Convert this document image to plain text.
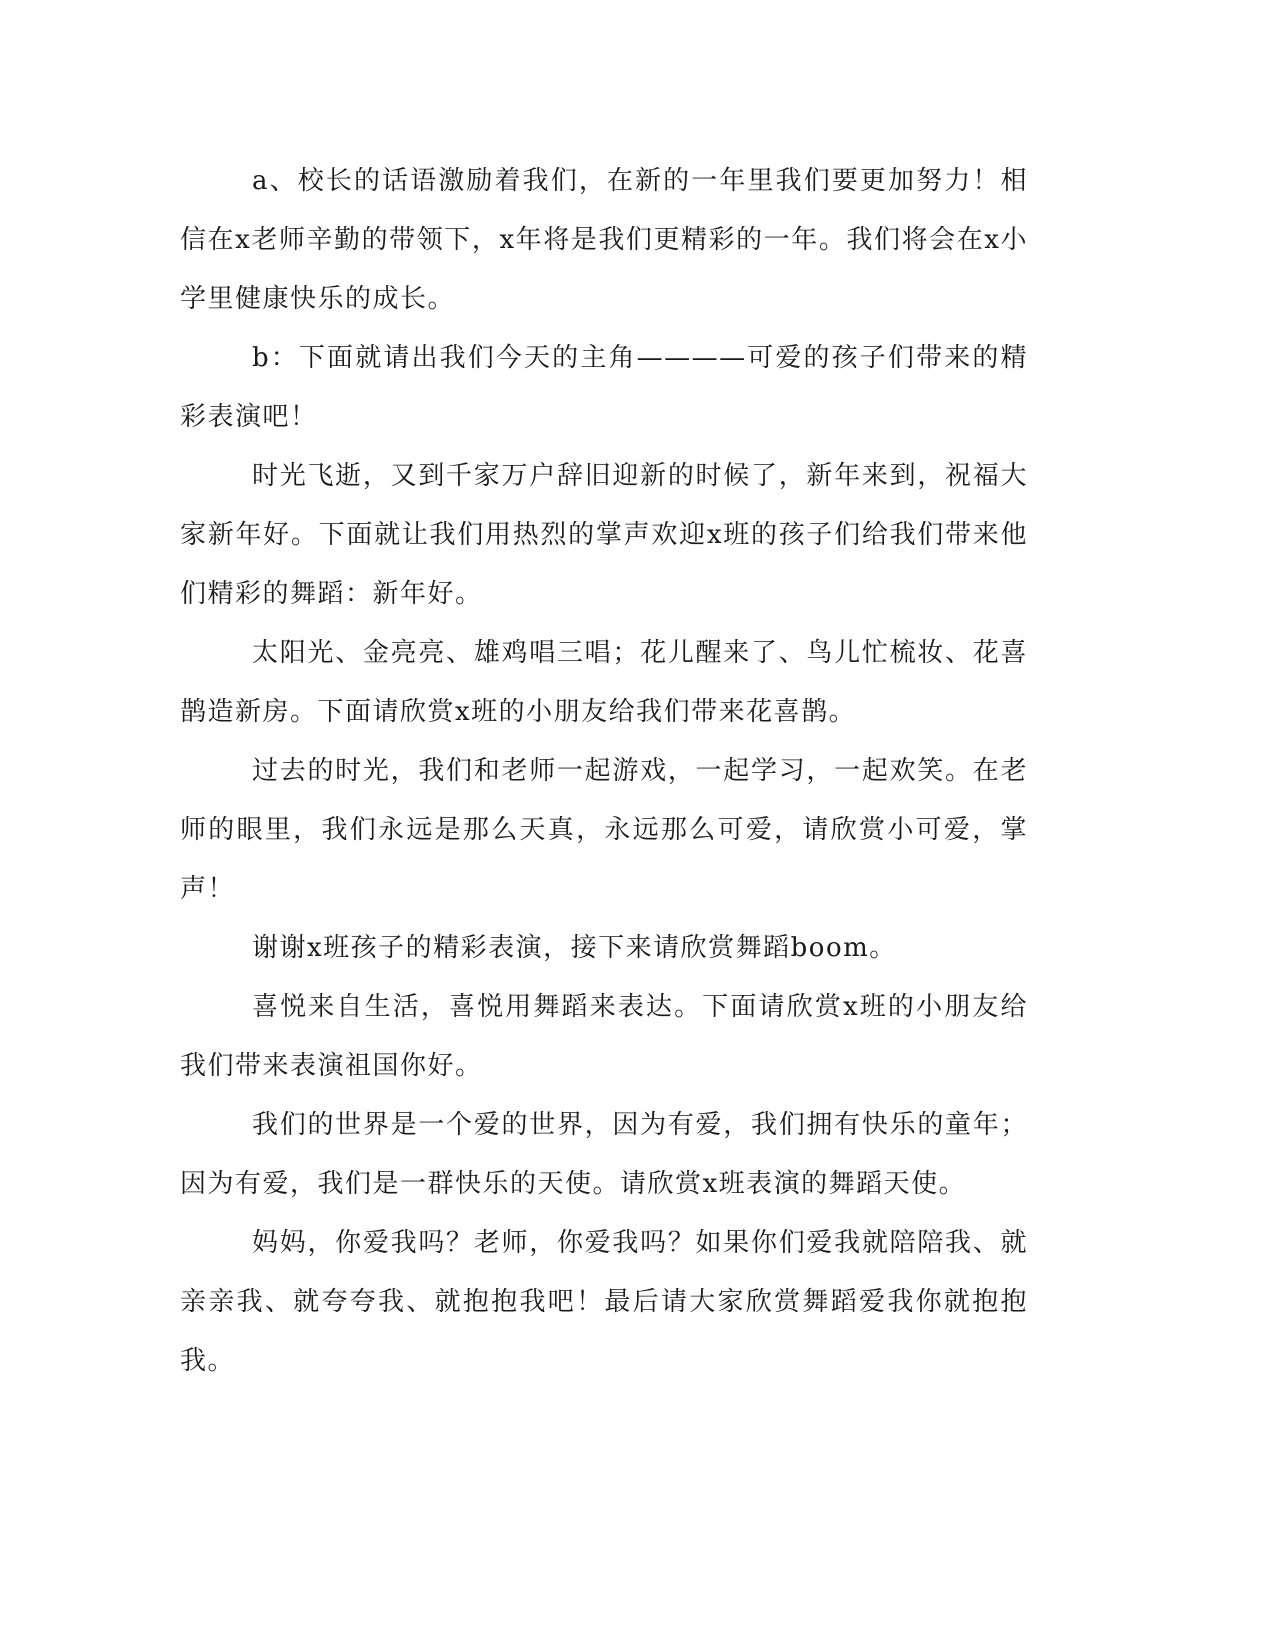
a、校长的话语激励着我们，在新的一年里我们要更加努力！相信在x老师辛勤的带领下，x年将是我们更精彩的一年。我们将会在x小学里健康快乐的成长。

b：下面就请出我们今天的主角————可爱的孩子们带来的精彩表演吧！

时光飞逝，又到千家万户辞旧迎新的时候了，新年来到，祝福大家新年好。下面就让我们用热烈的掌声欢迎x班的孩子们给我们带来他们精彩的舞蹈：新年好。

太阳光、金亮亮、雄鸡唱三唱；花儿醒来了、鸟儿忙梳妆、花喜鹊造新房。下面请欣赏x班的小朋友给我们带来花喜鹊。

过去的时光，我们和老师一起游戏，一起学习，一起欢笑。在老师的眼里，我们永远是那么天真，永远那么可爱，请欣赏小可爱，掌声！

谢谢x班孩子的精彩表演，接下来请欣赏舞蹈boom。

喜悦来自生活，喜悦用舞蹈来表达。下面请欣赏x班的小朋友给我们带来表演祖国你好。

我们的世界是一个爱的世界，因为有爱，我们拥有快乐的童年；因为有爱，我们是一群快乐的天使。请欣赏x班表演的舞蹈天使。

妈妈，你爱我吗？老师，你爱我吗？如果你们爱我就陪陪我、就亲亲我、就夸夸我、就抱抱我吧！最后请大家欣赏舞蹈爱我你就抱抱我。
